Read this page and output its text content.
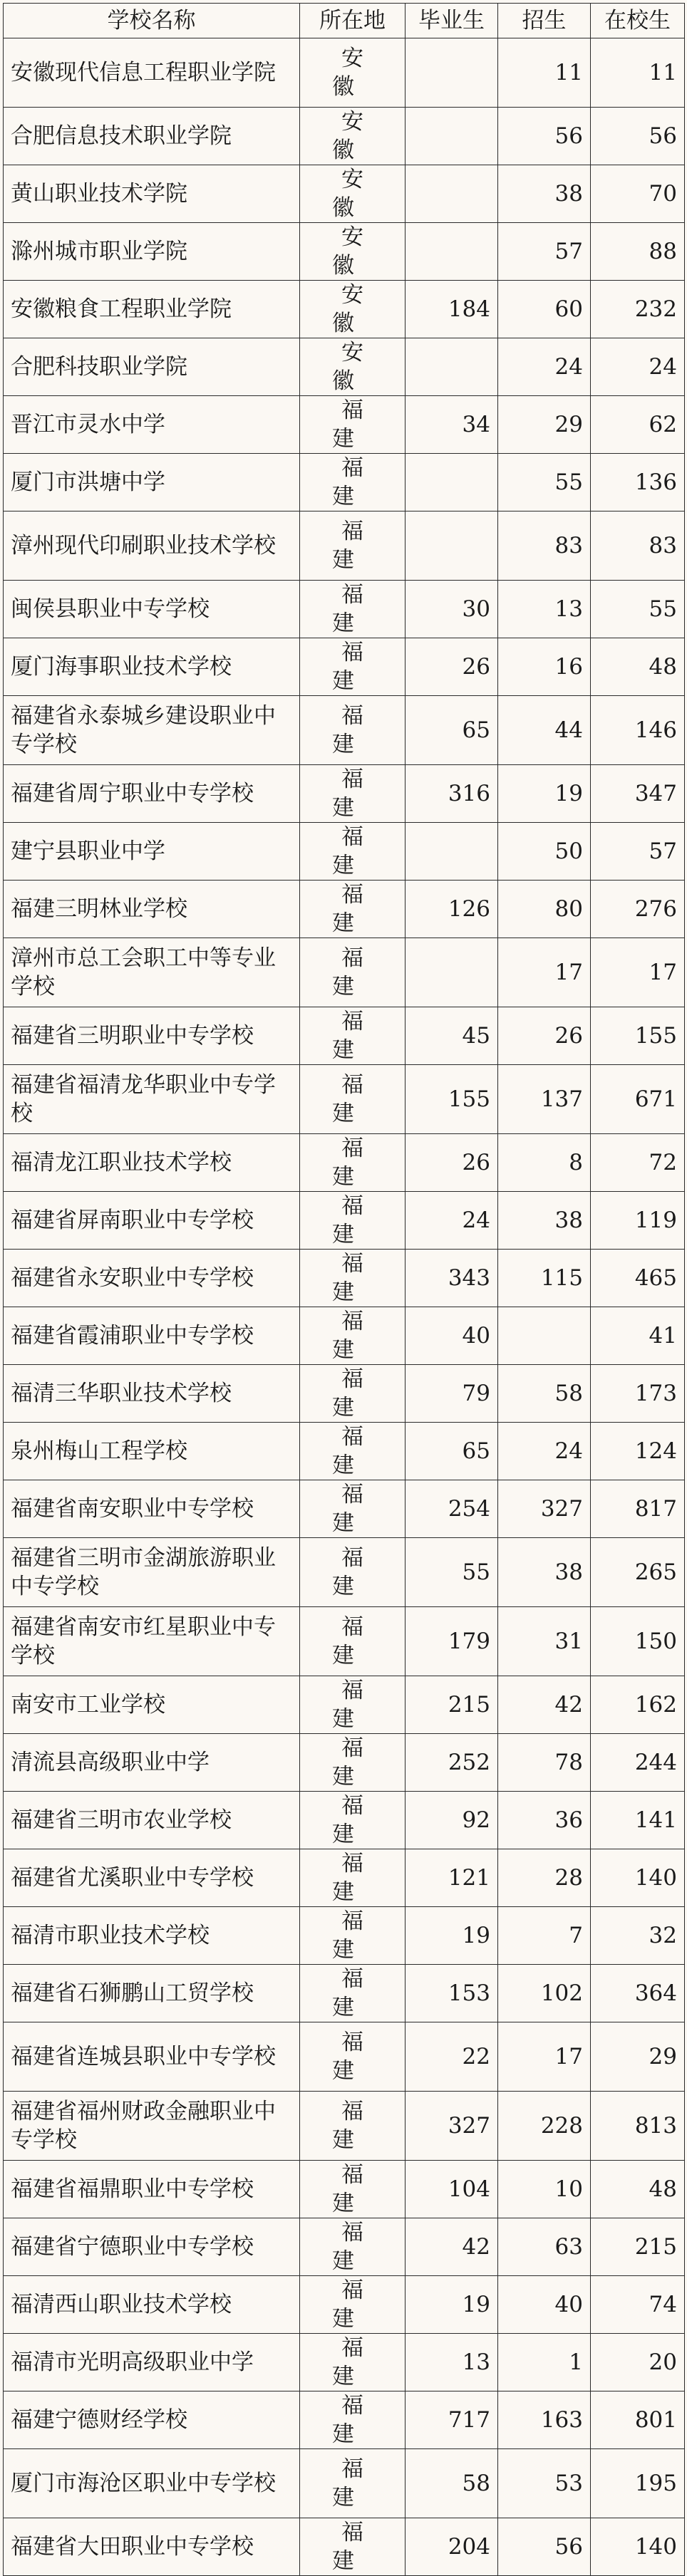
学校名称	所在地	毕业生	招生	在校生
安徽现代信息工程职业学院	安徽		11	11
合肥信息技术职业学院	安徽		56	56
黄山职业技术学院	安徽		38	70
滁州城市职业学院	安徽		57	88
安徽粮食工程职业学院	安徽	184	60	232
合肥科技职业学院	安徽		24	24
晋江市灵水中学	福建	34	29	62
厦门市洪塘中学	福建		55	136
漳州现代印刷职业技术学校	福建		83	83
闽侯县职业中专学校	福建	30	13	55
厦门海事职业技术学校	福建	26	16	48
福建省永泰城乡建设职业中专学校	福建	65	44	146
福建省周宁职业中专学校	福建	316	19	347
建宁县职业中学	福建		50	57
福建三明林业学校	福建	126	80	276
漳州市总工会职工中等专业学校	福建		17	17
福建省三明职业中专学校	福建	45	26	155
福建省福清龙华职业中专学校	福建	155	137	671
福清龙江职业技术学校	福建	26	8	72
福建省屏南职业中专学校	福建	24	38	119
福建省永安职业中专学校	福建	343	115	465
福建省霞浦职业中专学校	福建	40		41
福清三华职业技术学校	福建	79	58	173
泉州梅山工程学校	福建	65	24	124
福建省南安职业中专学校	福建	254	327	817
福建省三明市金湖旅游职业中专学校	福建	55	38	265
福建省南安市红星职业中专学校	福建	179	31	150
南安市工业学校	福建	215	42	162
清流县高级职业中学	福建	252	78	244
福建省三明市农业学校	福建	92	36	141
福建省尤溪职业中专学校	福建	121	28	140
福清市职业技术学校	福建	19	7	32
福建省石狮鹏山工贸学校	福建	153	102	364
福建省连城县职业中专学校	福建	22	17	29
福建省福州财政金融职业中专学校	福建	327	228	813
福建省福鼎职业中专学校	福建	104	10	48
福建省宁德职业中专学校	福建	42	63	215
福清西山职业技术学校	福建	19	40	74
福清市光明高级职业中学	福建	13	1	20
福建宁德财经学校	福建	717	163	801
厦门市海沧区职业中专学校	福建	58	53	195
福建省大田职业中专学校	福建	204	56	140
